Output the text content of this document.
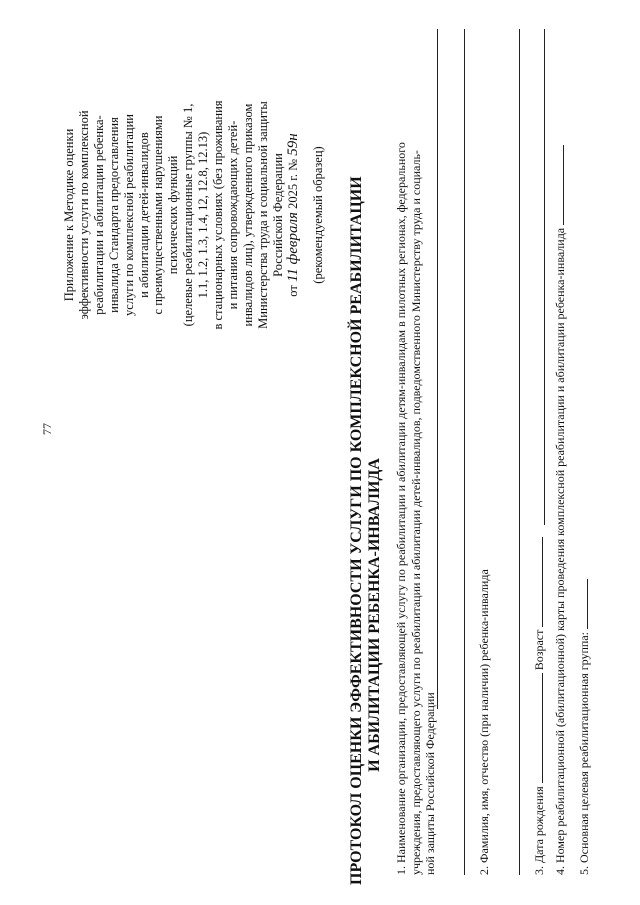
77
Приложение к Методике оценки эффективности услуги по комплексной реабилитации и абилитации ребенка- инвалида Стандарта предоставления услуги по комплексной реабилитации и абилитации детей-инвалидов с преимущественными нарушениями психических функций (целевые реабилитационные группы № 1, 1.1, 1.2, 1.3, 1.4, 12, 12.8, 12.13) в стационарных условиях (без проживания и питания сопровождающих детей- инвалидов лиц), утвержденного приказом Министерства труда и социальной защиты Российской Федерации
от 11 февраля 2025 г. № 59н
(рекомендуемый образец) ПРОТОКОЛ ОЦЕНКИ ЭФФЕКТИВНОСТИ УСЛУГИ ПО КОМПЛЕКСНОЙ РЕАБИЛИТАЦИИ И АБИЛИТАЦИИ РЕБЕНКА-ИНВАЛИДА 1. Наименование организации, предоставляющей услугу по реабилитации и абилитации детям-инвалидам в пилотных регионах, федерального учреждения, предоставляющего услуги по реабилитации и абилитации детей-инвалидов, подведомственного Министерству труда и социаль- ной защиты Российской Федерации	2. Фамилия, имя, отчество (при наличии) ребенка-инвалида	3. Дата рождения  Возраст 4. Номер реабилитационной (абилитационной) карты проведения комплексной реабилитации и абилитации ребенка-инвалида 5. Основная целевая реабилитационная группа:
